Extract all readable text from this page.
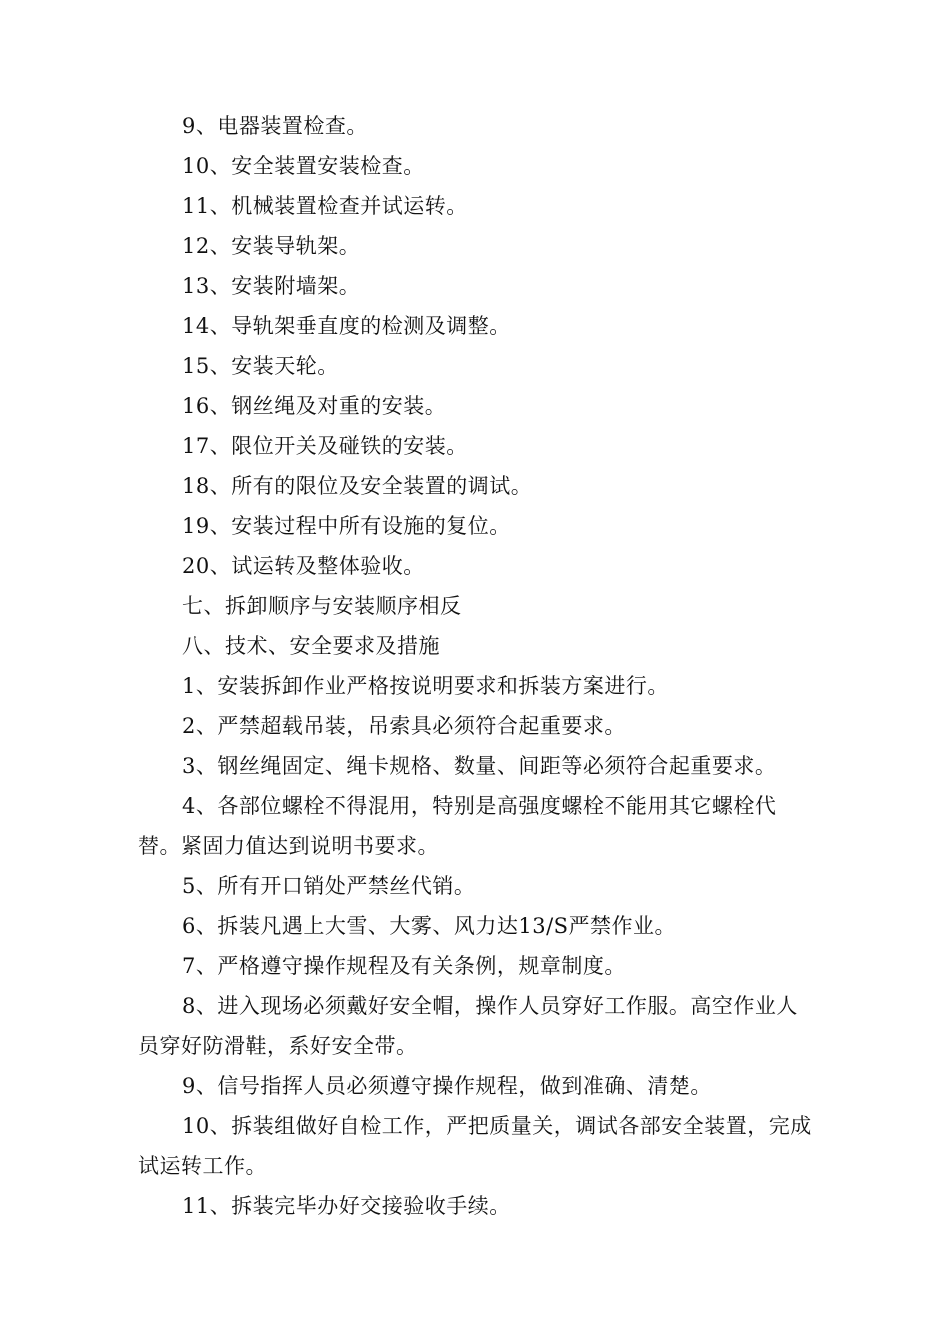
9、电器装置检查。

10、安全装置安装检查。

11、机械装置检查并试运转。

12、安装导轨架。

13、安装附墙架。

14、导轨架垂直度的检测及调整。

15、安装天轮。

16、钢丝绳及对重的安装。

17、限位开关及碰铁的安装。

18、所有的限位及安全装置的调试。

19、安装过程中所有设施的复位。

20、试运转及整体验收。

七、拆卸顺序与安装顺序相反

八、技术、安全要求及措施

1、安装拆卸作业严格按说明要求和拆装方案进行。

2、严禁超载吊装，吊索具必须符合起重要求。

3、钢丝绳固定、绳卡规格、数量、间距等必须符合起重要求。

4、各部位螺栓不得混用，特别是高强度螺栓不能用其它螺栓代替。紧固力值达到说明书要求。

5、所有开口销处严禁丝代销。

6、拆装凡遇上大雪、大雾、风力达13/S严禁作业。

7、严格遵守操作规程及有关条例，规章制度。

8、进入现场必须戴好安全帽，操作人员穿好工作服。高空作业人员穿好防滑鞋，系好安全带。

9、信号指挥人员必须遵守操作规程，做到准确、清楚。

10、拆装组做好自检工作，严把质量关，调试各部安全装置，完成试运转工作。

11、拆装完毕办好交接验收手续。
